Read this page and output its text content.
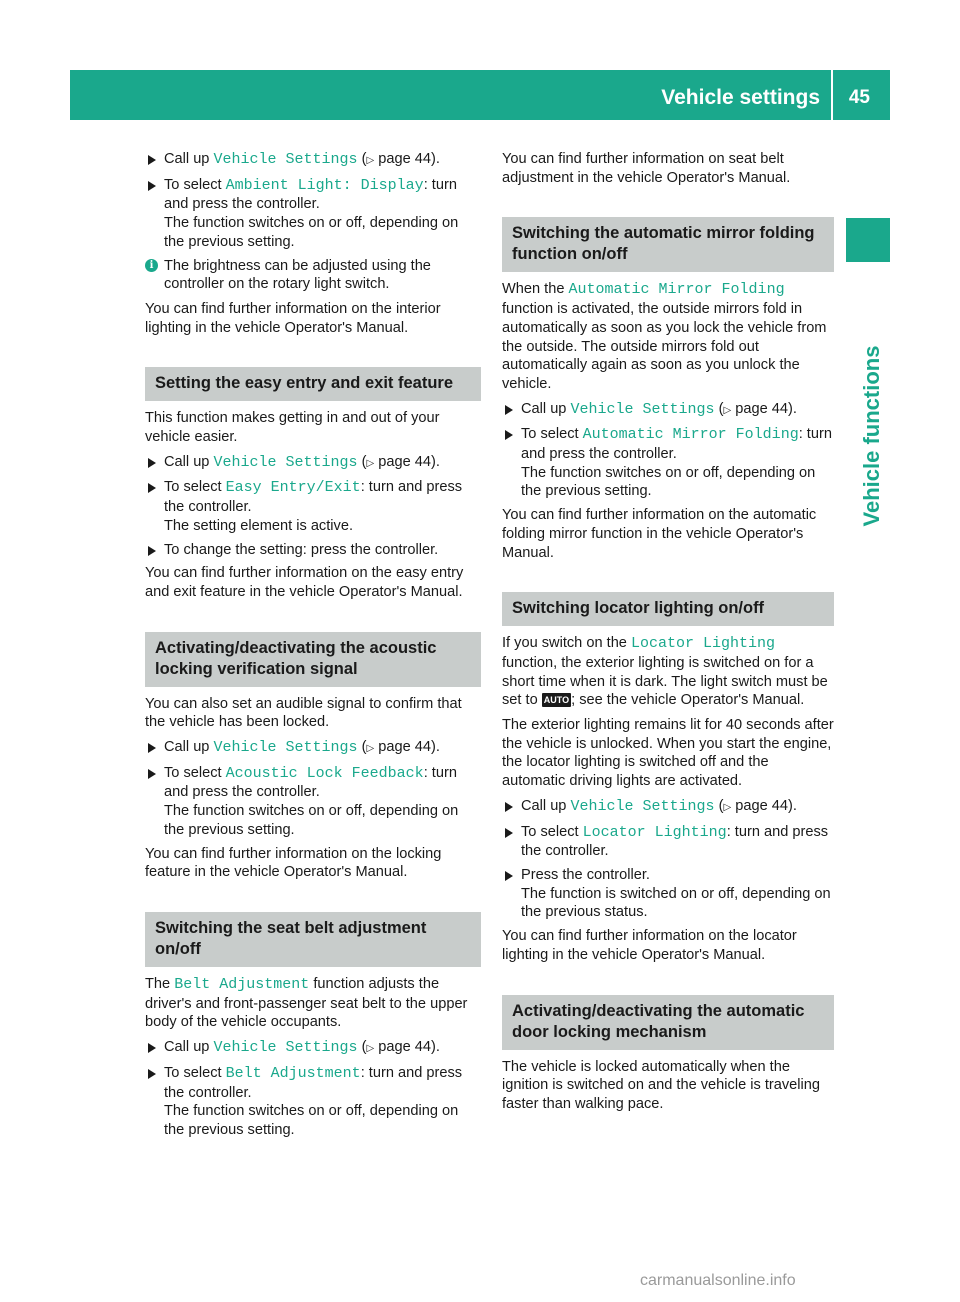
Vehicle settings 45
Vehicle functions
Call up Vehicle Settings (▷ page 44).
To select Ambient Light: Display: turn and press the controller.
The function switches on or off, depending on the previous setting.
i The brightness can be adjusted using the controller on the rotary light switch.

You can find further information on the interior lighting in the vehicle Operator's Manual.

Setting the easy entry and exit feature

This function makes getting in and out of your vehicle easier.

Call up Vehicle Settings (▷ page 44).
To select Easy Entry/Exit: turn and press the controller.
The setting element is active.
To change the setting: press the controller.

You can find further information on the easy entry and exit feature in the vehicle Operator's Manual.

Activating/deactivating the acoustic locking verification signal

You can also set an audible signal to confirm that the vehicle has been locked.

Call up Vehicle Settings (▷ page 44).
To select Acoustic Lock Feedback: turn and press the controller.
The function switches on or off, depending on the previous setting.

You can find further information on the locking feature in the vehicle Operator's Manual.

Switching the seat belt adjustment on/off

The Belt Adjustment function adjusts the driver's and front-passenger seat belt to the upper body of the vehicle occupants.

Call up Vehicle Settings (▷ page 44).
To select Belt Adjustment: turn and press the controller.
The function switches on or off, depending on the previous setting.

You can find further information on seat belt adjustment in the vehicle Operator's Manual.

Switching the automatic mirror folding function on/off

When the Automatic Mirror Folding function is activated, the outside mirrors fold in automatically as soon as you lock the vehicle from the outside. The outside mirrors fold out automatically again as soon as you unlock the vehicle.

Call up Vehicle Settings (▷ page 44).
To select Automatic Mirror Folding: turn and press the controller.
The function switches on or off, depending on the previous setting.

You can find further information on the automatic folding mirror function in the vehicle Operator's Manual.

Switching locator lighting on/off

If you switch on the Locator Lighting function, the exterior lighting is switched on for a short time when it is dark. The light switch must be set to AUTO ; see the vehicle Operator's Manual.

The exterior lighting remains lit for 40 seconds after the vehicle is unlocked. When you start the engine, the locator lighting is switched off and the automatic driving lights are activated.

Call up Vehicle Settings (▷ page 44).
To select Locator Lighting: turn and press the controller.
Press the controller.
The function is switched on or off, depending on the previous status.

You can find further information on the locator lighting in the vehicle Operator's Manual.

Activating/deactivating the automatic door locking mechanism

The vehicle is locked automatically when the ignition is switched on and the vehicle is traveling faster than walking pace.

carmanualsonline.info
